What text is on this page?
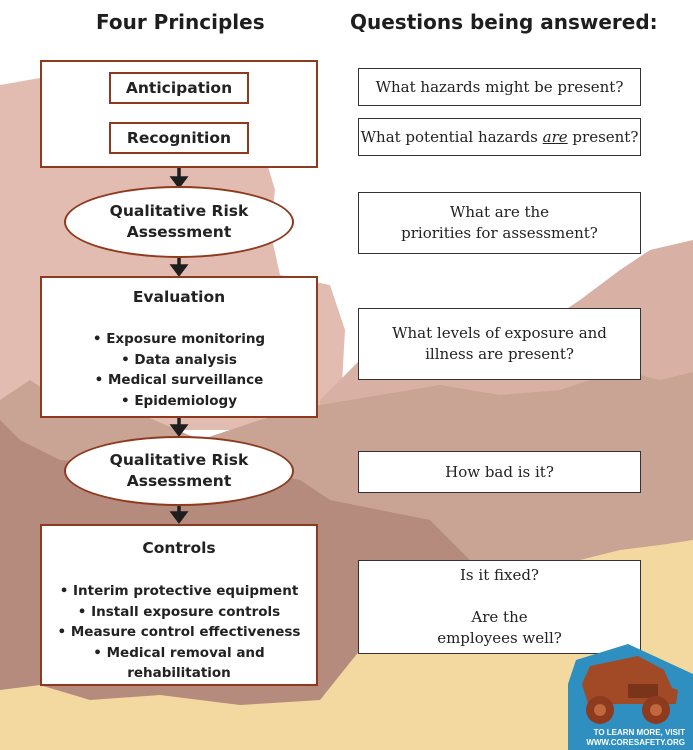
Four Principles	Questions being answered:
Anticipation
Recognition
Qualitative Risk
Assessment
Evaluation
• Exposure monitoring
• Data analysis
• Medical surveillance
• Epidemiology
Qualitative Risk
Assessment
Controls
• Interim protective equipment
• Install exposure controls
• Measure control effectiveness
• Medical removal and rehabilitation
What hazards might be present?
What potential hazards are present?
What are the
priorities for assessment?
What levels of exposure and
illness are present?
How bad is it?
Is it fixed?
Are the
employees well?
TO LEARN MORE, VISIT
WWW.CORESAFETY.ORG
